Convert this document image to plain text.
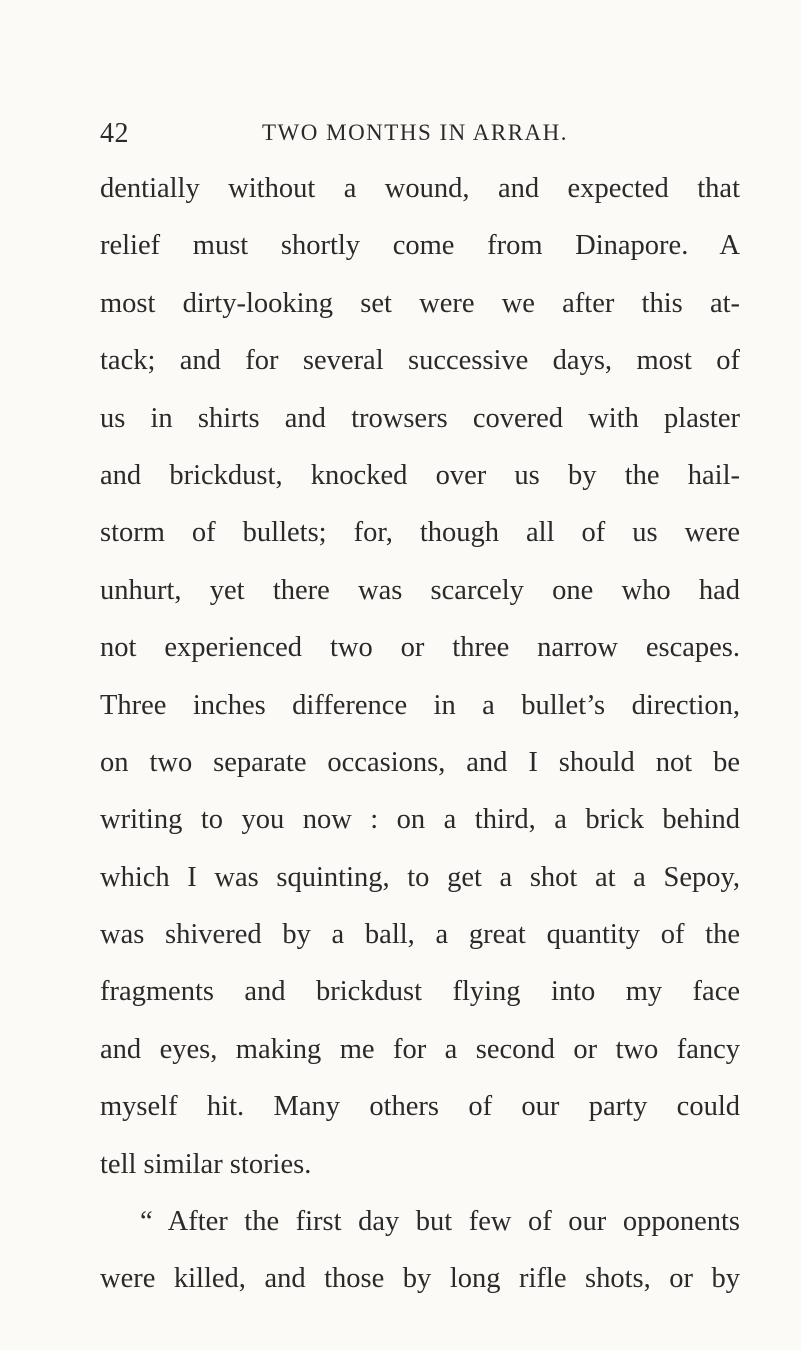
42	TWO MONTHS IN ARRAH.
dentially without a wound, and expected that
relief must shortly come from Dinapore. A
most dirty-looking set were we after this at-
tack; and for several successive days, most of
us in shirts and trowsers covered with plaster
and brickdust, knocked over us by the hail-
storm of bullets; for, though all of us were
unhurt, yet there was scarcely one who had
not experienced two or three narrow escapes.
Three inches difference in a bullet’s direction,
on two separate occasions, and I should not be
writing to you now : on a third, a brick behind
which I was squinting, to get a shot at a Sepoy,
was shivered by a ball, a great quantity of the
fragments and brickdust flying into my face
and eyes, making me for a second or two fancy
myself hit. Many others of our party could
tell similar stories.
“ After the first day but few of our opponents
were killed, and those by long rifle shots, or by
